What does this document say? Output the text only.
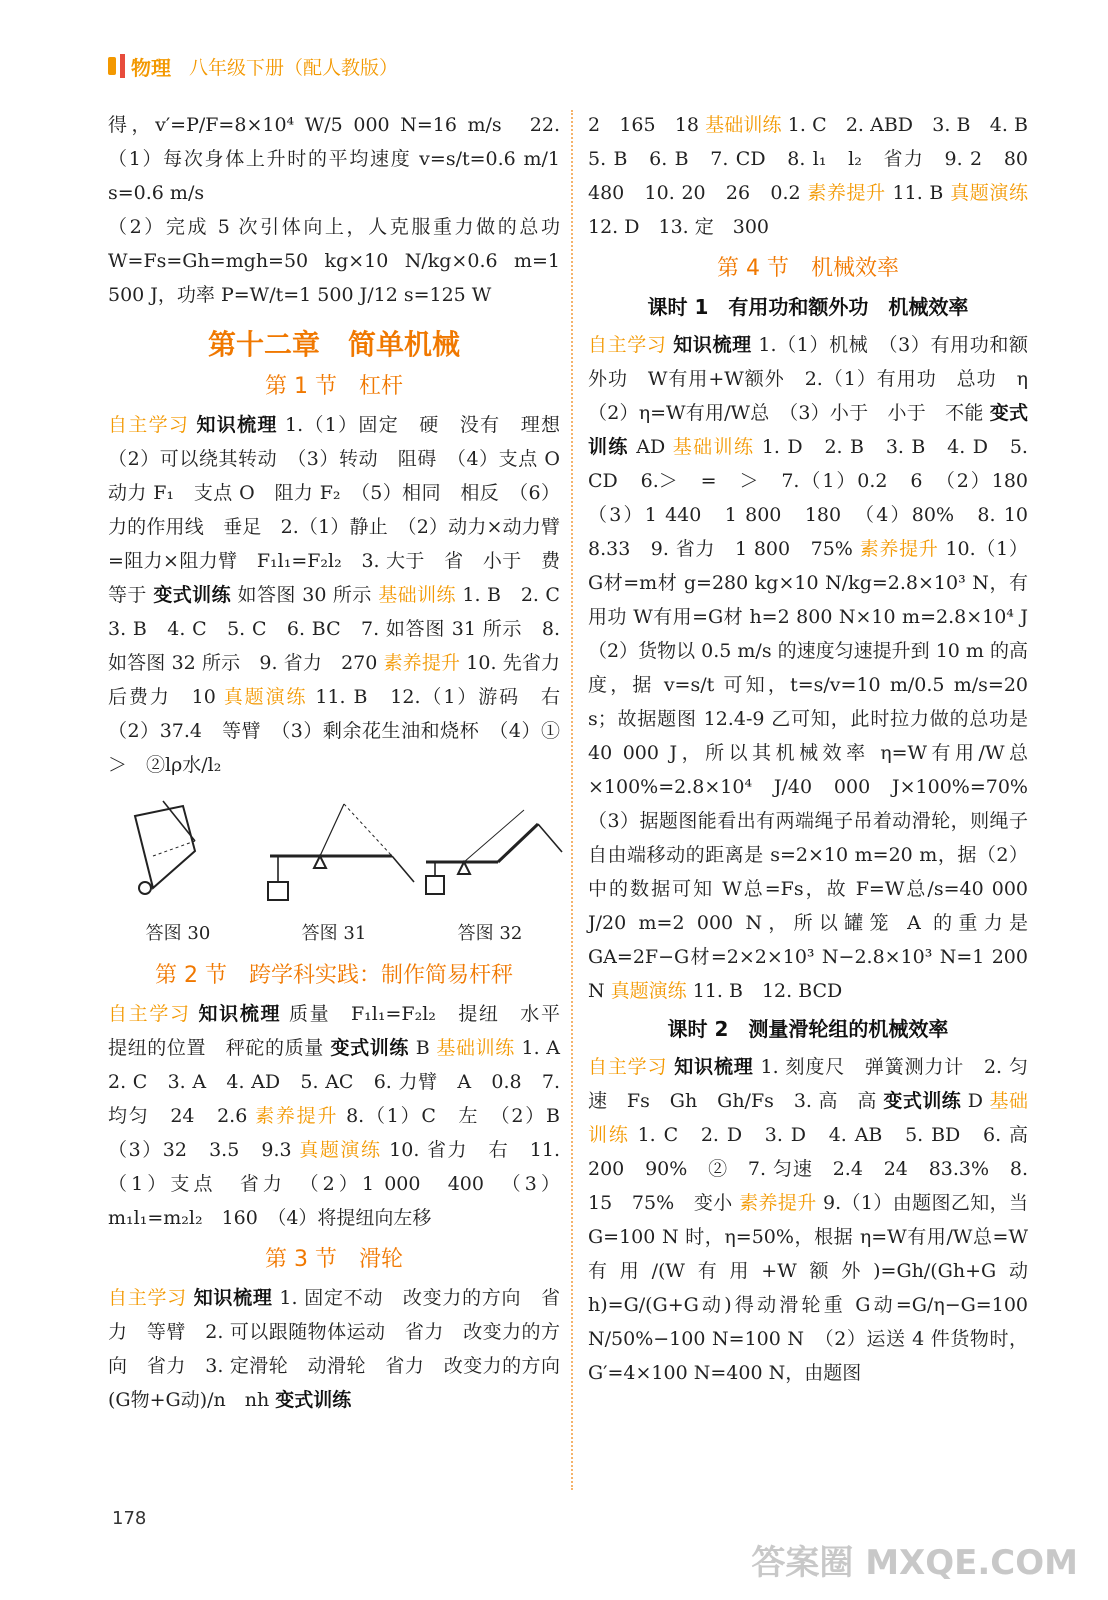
物理 八年级下册（配人教版）

得，v′=P/F=8×10⁴ W/5 000 N=16 m/s　22.（1）每次身体上升时的平均速度 v=s/t=0.6 m/1 s=0.6 m/s

（2）完成 5 次引体向上，人克服重力做的总功 W=Fs=Gh=mgh=50 kg×10 N/kg×0.6 m=1 500 J，功率 P=W/t=1 500 J/12 s=125 W

第十二章　简单机械
第 1 节　杠杆

自主学习 知识梳理 1.（1）固定　硬　没有　理想　（2）可以绕其转动　（3）转动　阻碍　（4）支点 O　动力 F₁　支点 O　阻力 F₂　（5）相同　相反　（6）力的作用线　垂足　2.（1）静止　（2）动力×动力臂=阻力×阻力臂　F₁l₁=F₂l₂　3. 大于　省　小于　费　等于 变式训练 如答图 30 所示 基础训练 1. B　2. C　3. B　4. C　5. C　6. BC　7. 如答图 31 所示　8. 如答图 32 所示　9. 省力　270 素养提升 10. 先省力后费力　10 真题演练 11. B　12.（1）游码　右　（2）37.4　等臂　（3）剩余花生油和烧杯　（4）①＞　②lρ水/l₂

答图 30	答图 31	答图 32
第 2 节　跨学科实践：制作简易杆秤

自主学习 知识梳理 质量　F₁l₁=F₂l₂　提纽　水平　提纽的位置　秤砣的质量 变式训练 B 基础训练 1. A　2. C　3. A　4. AD　5. AC　6. 力臂　A　0.8　7. 均匀　24　2.6 素养提升 8.（1）C　左　（2）B　（3）32　3.5　9.3 真题演练 10. 省力　右　11.（1）支点　省力　（2）1 000　400　（3）m₁l₁=m₂l₂　160　（4）将提纽向左移

第 3 节　滑轮

自主学习 知识梳理 1. 固定不动　改变力的方向　省力　等臂　2. 可以跟随物体运动　省力　改变力的方向　省力　3. 定滑轮　动滑轮　省力　改变力的方向　(G物+G动)/n　nh 变式训练

2　165　18 基础训练 1. C　2. ABD　3. B　4. B　5. B　6. B　7. CD　8. l₁　l₂　省力　9. 2　80　480　10. 20　26　0.2 素养提升 11. B 真题演练 12. D　13. 定　300

第 4 节　机械效率
课时 1　有用功和额外功　机械效率

自主学习 知识梳理 1.（1）机械　（3）有用功和额外功　W有用+W额外　2.（1）有用功　总功　η　（2）η=W有用/W总　（3）小于　小于　不能 变式训练 AD 基础训练 1. D　2. B　3. B　4. D　5. CD　6.＞　=　＞　7.（1）0.2　6　（2）180　（3）1 440　1 800　180　（4）80%　8. 10　8.33　9. 省力　1 800　75% 素养提升 10.（1）G材=m材 g=280 kg×10 N/kg=2.8×10³ N，有用功 W有用=G材 h=2 800 N×10 m=2.8×10⁴ J　（2）货物以 0.5 m/s 的速度匀速提升到 10 m 的高度，据 v=s/t 可知，t=s/v=10 m/0.5 m/s=20 s；故据题图 12.4-9 乙可知，此时拉力做的总功是 40 000 J，所以其机械效率 η=W有用/W总×100%=2.8×10⁴ J/40 000 J×100%=70%　（3）据题图能看出有两端绳子吊着动滑轮，则绳子自由端移动的距离是 s=2×10 m=20 m，据（2）中的数据可知 W总=Fs，故 F=W总/s=40 000 J/20 m=2 000 N，所以罐笼 A 的重力是 GA=2F−G材=2×2×10³ N−2.8×10³ N=1 200 N 真题演练 11. B　12. BCD

课时 2　测量滑轮组的机械效率

自主学习 知识梳理 1. 刻度尺　弹簧测力计　2. 匀速　Fs　Gh　Gh/Fs　3. 高　高 变式训练 D 基础训练 1. C　2. D　3. D　4. AB　5. BD　6. 高　200　90%　②　7. 匀速　2.4　24　83.3%　8. 15　75%　变小 素养提升 9.（1）由题图乙知，当 G=100 N 时，η=50%，根据 η=W有用/W总=W有用/(W有用+W额外)=Gh/(Gh+G动 h)=G/(G+G动)得动滑轮重 G动=G/η−G=100 N/50%−100 N=100 N　（2）运送 4 件货物时，G′=4×100 N=400 N，由题图

178
答案圈 MXQE.COM
